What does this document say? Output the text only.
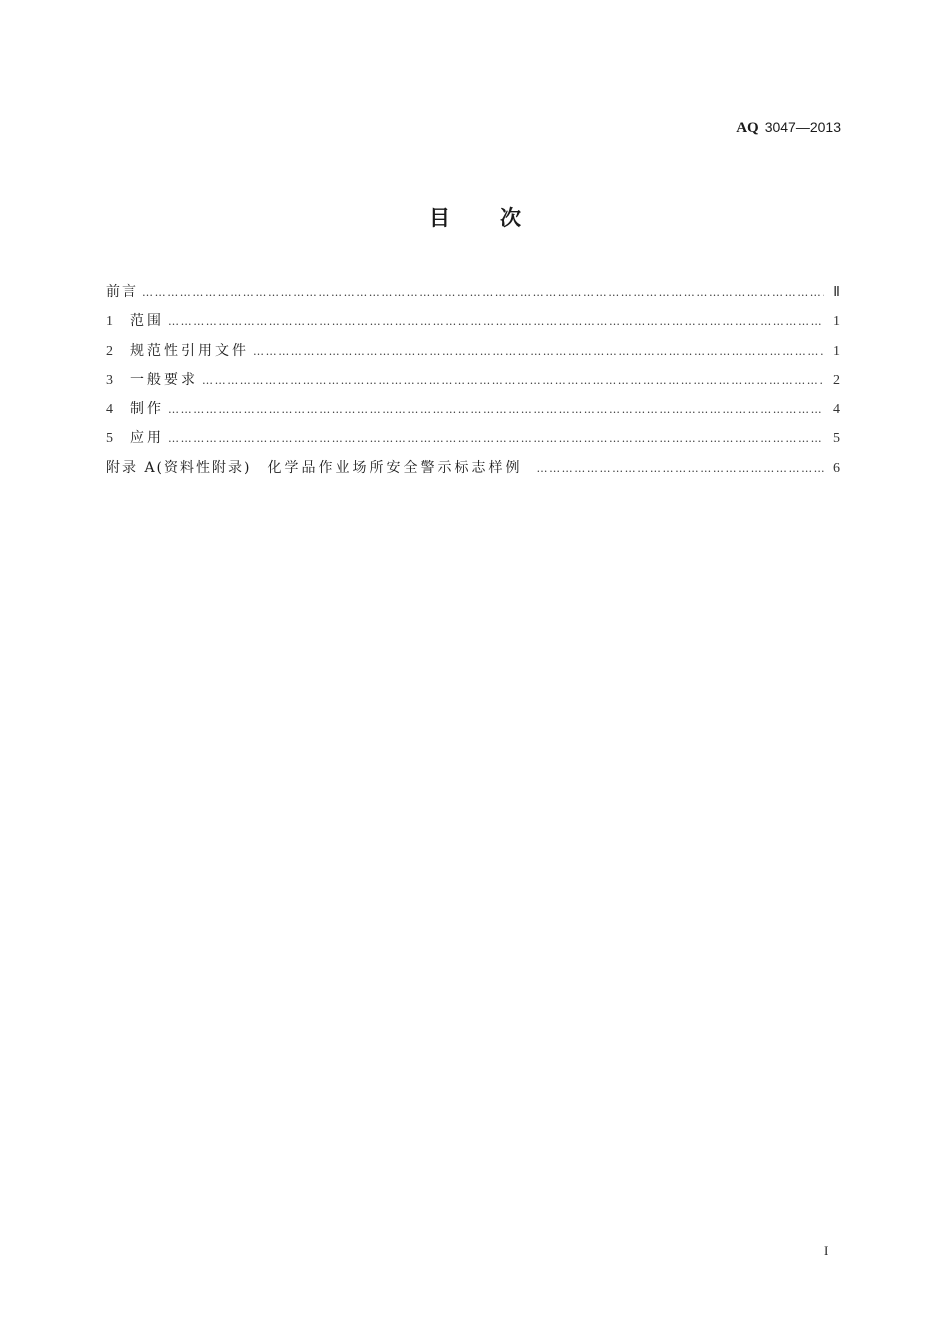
AQ 3047—2013
目 次
前言 …………………………………………………………………………………………………………………………………………………………	Ⅱ
1	范围 …………………………………………………………………………………………………………………………………………………………	1
2	规范性引用文件 …………………………………………………………………………………………………………………………………………………………	1
3	一般要求 …………………………………………………………………………………………………………………………………………………………	2
4	制作 …………………………………………………………………………………………………………………………………………………………	4
5	应用 …………………………………………………………………………………………………………………………………………………………	5
附录 A(资料性附录) 化学品作业场所安全警示标志样例 …………………………………………………………………………………………………………………………………………………………	6
I
